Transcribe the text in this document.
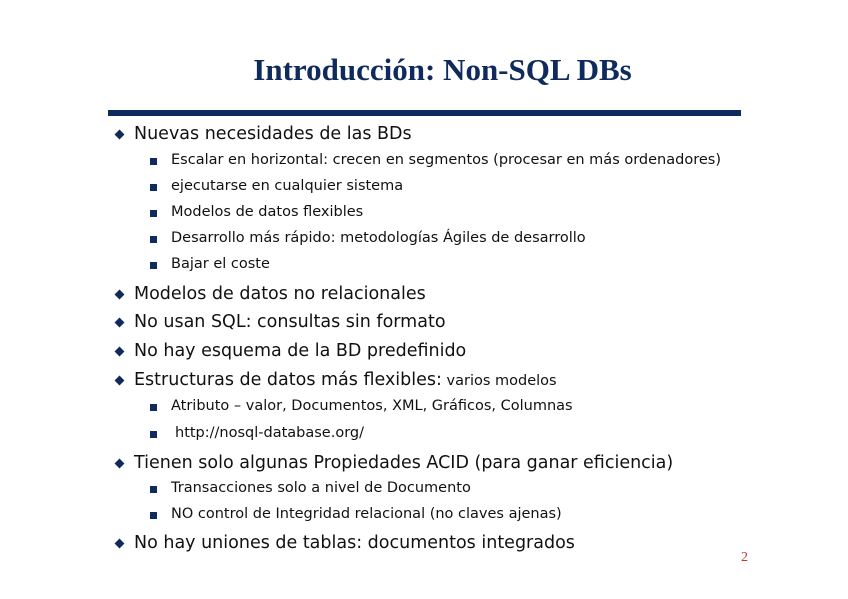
Introducción: Non-SQL DBs
Nuevas necesidades de las BDs
Escalar en horizontal: crecen en segmentos (procesar en más ordenadores)
ejecutarse en cualquier sistema
Modelos de datos flexibles
Desarrollo más rápido: metodologías Ágiles de desarrollo
Bajar el coste
Modelos de datos no relacionales
No usan SQL: consultas sin formato
No hay esquema de la BD predefinido
Estructuras de datos más flexibles: varios modelos
Atributo – valor, Documentos, XML, Gráficos, Columnas
http://nosql-database.org/
Tienen solo algunas Propiedades ACID (para ganar eficiencia)
Transacciones solo a nivel de Documento
NO control de Integridad relacional (no claves ajenas)
No hay uniones de tablas: documentos integrados
2
